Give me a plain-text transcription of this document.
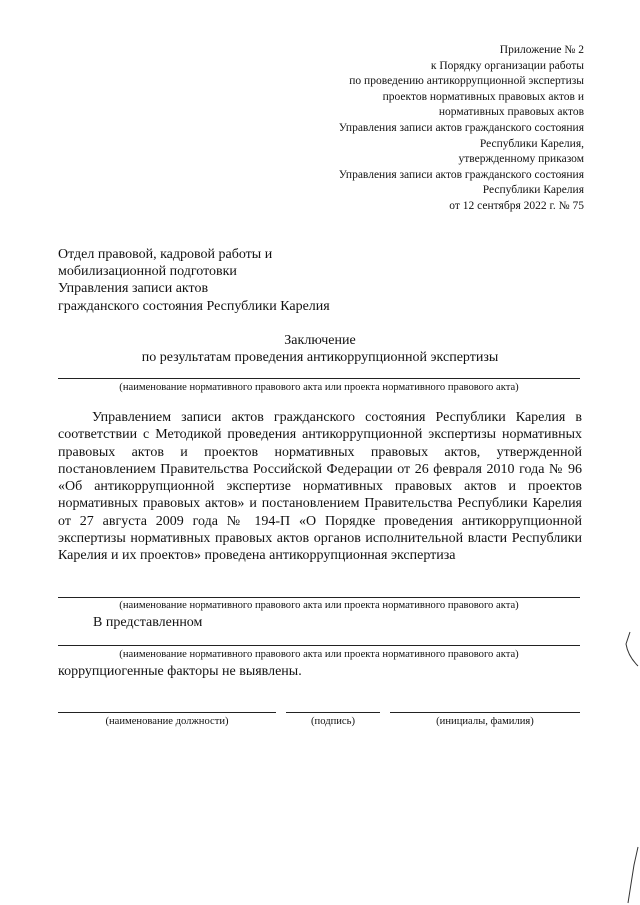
Приложение № 2
к Порядку организации работы
по проведению антикоррупционной экспертизы
проектов нормативных правовых актов и
нормативных правовых актов
Управления записи актов гражданского состояния
Республики Карелия,
утвержденному приказом
Управления записи актов гражданского состояния
Республики Карелия
от 12 сентября 2022 г. № 75
Отдел правовой, кадровой работы и
мобилизационной подготовки
Управления записи актов
гражданского состояния Республики Карелия
Заключение
по результатам проведения антикоррупционной экспертизы
(наименование нормативного правового акта или проекта нормативного правового акта)
Управлением записи актов гражданского состояния Республики Карелия в соответствии с Методикой проведения антикоррупционной экспертизы нормативных правовых актов и проектов нормативных правовых актов, утвержденной постановлением Правительства Российской Федерации от 26 февраля 2010 года № 96 «Об антикоррупционной экспертизе нормативных правовых актов и проектов нормативных правовых актов» и постановлением Правительства Республики Карелия от 27 августа 2009 года № 194-П «О Порядке проведения антикоррупционной экспертизы нормативных правовых актов органов исполнительной власти Республики Карелия и их проектов» проведена антикоррупционная экспертиза
(наименование нормативного правового акта или проекта нормативного правового акта)
В представленном
(наименование нормативного правового акта или проекта нормативного правового акта)
коррупциогенные факторы не выявлены.
(наименование должности)	(подпись)	(инициалы, фамилия)
